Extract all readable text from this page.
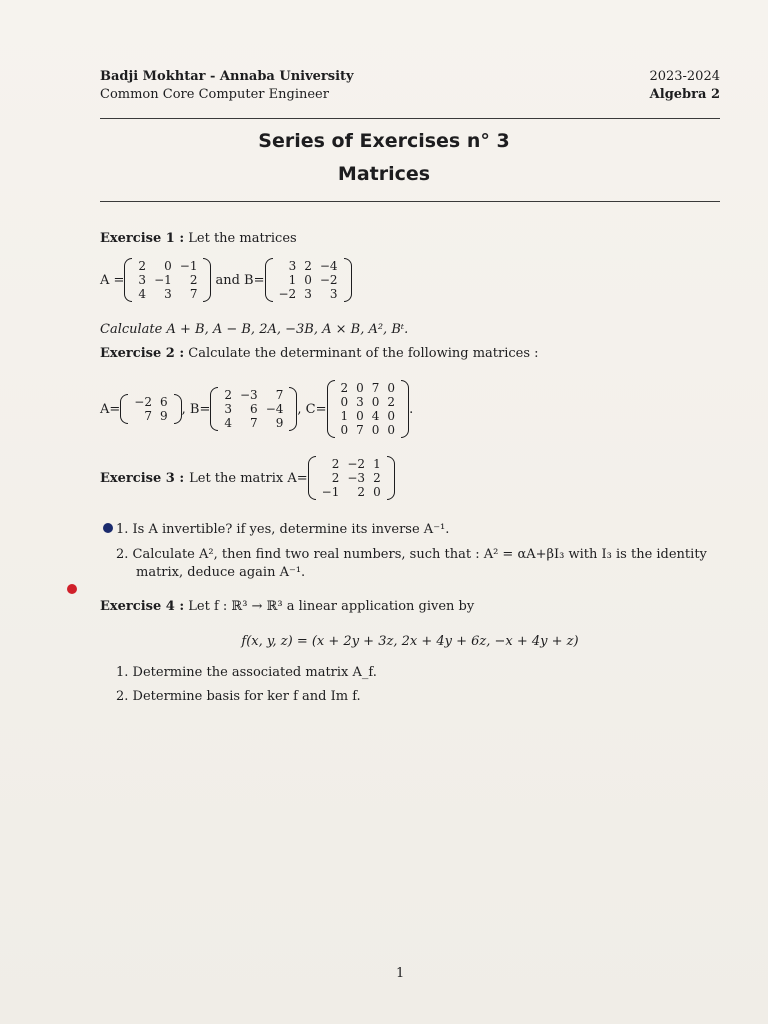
Badji Mokhtar - Annaba University
Common Core Computer Engineer
2023-2024
Algebra 2
Series of Exercises n° 3
Matrices
Exercise 1 : Let the matrices
A =
2	0	−1
3	−1	2
4	3	7
and B=
3	2	−4
1	0	−2
−2	3	3
Calculate A + B, A − B, 2A, −3B, A × B, A², Bᵗ.
Exercise 2 : Calculate the determinant of the following matrices :
A= −2	6
7	9 , B=
2	−3	7
3	6	−4
4	7	9
, C=
2	0	7	0
0	3	0	2
1	0	4	0
0	7	0	0
.
Exercise 3 : Let the matrix A=
2	−2	1
2	−3	2
−1	2	0
1. Is A invertible? if yes, determine its inverse A⁻¹.
2. Calculate A², then find two real numbers, such that : A² = αA+βI₃ with I₃ is the identity
matrix, deduce again A⁻¹.
Exercise 4 : Let f : ℝ³ → ℝ³ a linear application given by
f(x, y, z) = (x + 2y + 3z, 2x + 4y + 6z, −x + 4y + z)
1. Determine the associated matrix A_f.
2. Determine basis for ker f and Im f.
1
